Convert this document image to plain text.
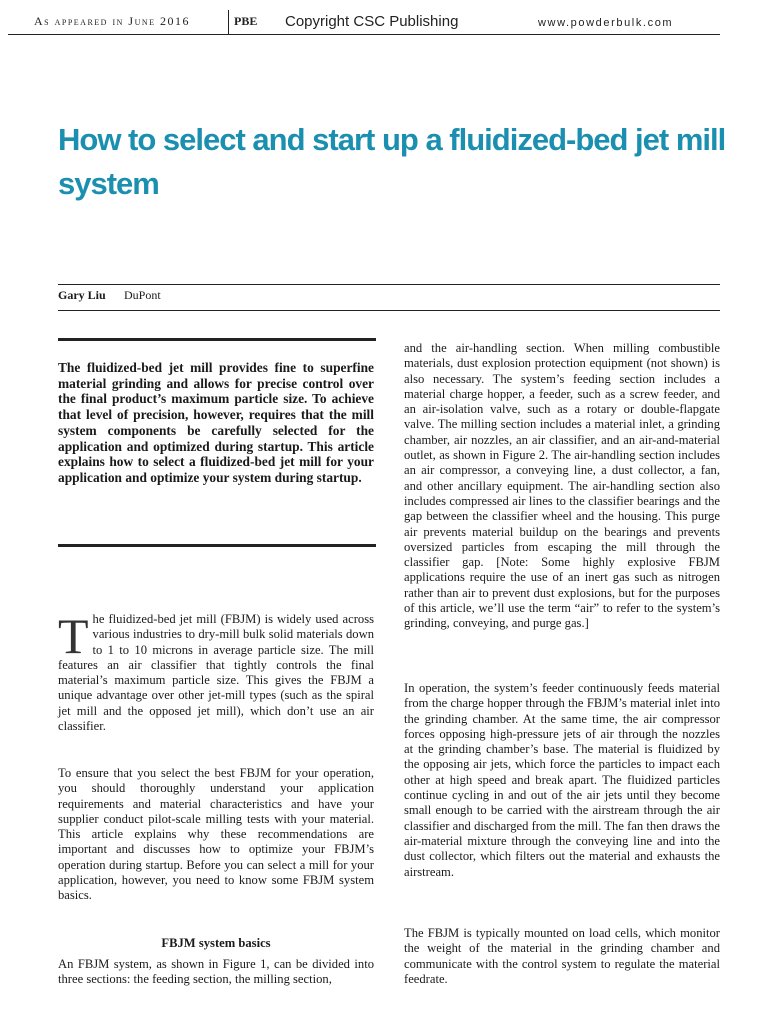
As appeared in June 2016	PBE Copyright CSC Publishing	www.powderbulk.com
How to select and start up a fluidized-bed jet mill system
Gary Liu DuPont

The fluidized-bed jet mill provides fine to superfine material grinding and allows for precise control over the final product’s maximum particle size. To achieve that level of precision, however, requires that the mill system components be carefully selected for the application and optimized during startup. This article explains how to select a fluidized-bed jet mill for your application and optimize your system during startup.

The fluidized-bed jet mill (FBJM) is widely used across various industries to dry-mill bulk solid materials down to 1 to 10 microns in average particle size. The mill features an air classifier that tightly controls the final material’s maximum particle size. This gives the FBJM a unique advantage over other jet-mill types (such as the spiral jet mill and the opposed jet mill), which don’t use an air classifier.

To ensure that you select the best FBJM for your operation, you should thoroughly understand your application requirements and material characteristics and have your supplier conduct pilot-scale milling tests with your material. This article explains why these recommendations are important and discusses how to optimize your FBJM’s operation during startup. Before you can select a mill for your application, however, you need to know some FBJM system basics.

FBJM system basics

An FBJM system, as shown in Figure 1, can be divided into three sections: the feeding section, the milling section,

and the air-handling section. When milling combustible materials, dust explosion protection equipment (not shown) is also necessary. The system’s feeding section includes a material charge hopper, a feeder, such as a screw feeder, and an air-isolation valve, such as a rotary or double-flapgate valve. The milling section includes a material inlet, a grinding chamber, air nozzles, an air classifier, and an air-and-material outlet, as shown in Figure 2. The air-handling section includes an air compressor, a conveying line, a dust collector, a fan, and other ancillary equipment. The air-handling section also includes compressed air lines to the classifier bearings and the gap between the classifier wheel and the housing. This purge air prevents material buildup on the bearings and prevents oversized particles from escaping the mill through the classifier gap. [Note: Some highly explosive FBJM applications require the use of an inert gas such as nitrogen rather than air to prevent dust explosions, but for the purposes of this article, we’ll use the term “air” to refer to the system’s grinding, conveying, and purge gas.]

In operation, the system’s feeder continuously feeds material from the charge hopper through the FBJM’s material inlet into the grinding chamber. At the same time, the air compressor forces opposing high-pressure jets of air through the nozzles at the grinding chamber’s base. The material is fluidized by the opposing air jets, which force the particles to impact each other at high speed and break apart. The fluidized particles continue cycling in and out of the air jets until they become small enough to be carried with the airstream through the air classifier and discharged from the mill. The fan then draws the air-material mixture through the conveying line and into the dust collector, which filters out the material and exhausts the airstream.

The FBJM is typically mounted on load cells, which monitor the weight of the material in the grinding chamber and communicate with the control system to regulate the material feedrate.
